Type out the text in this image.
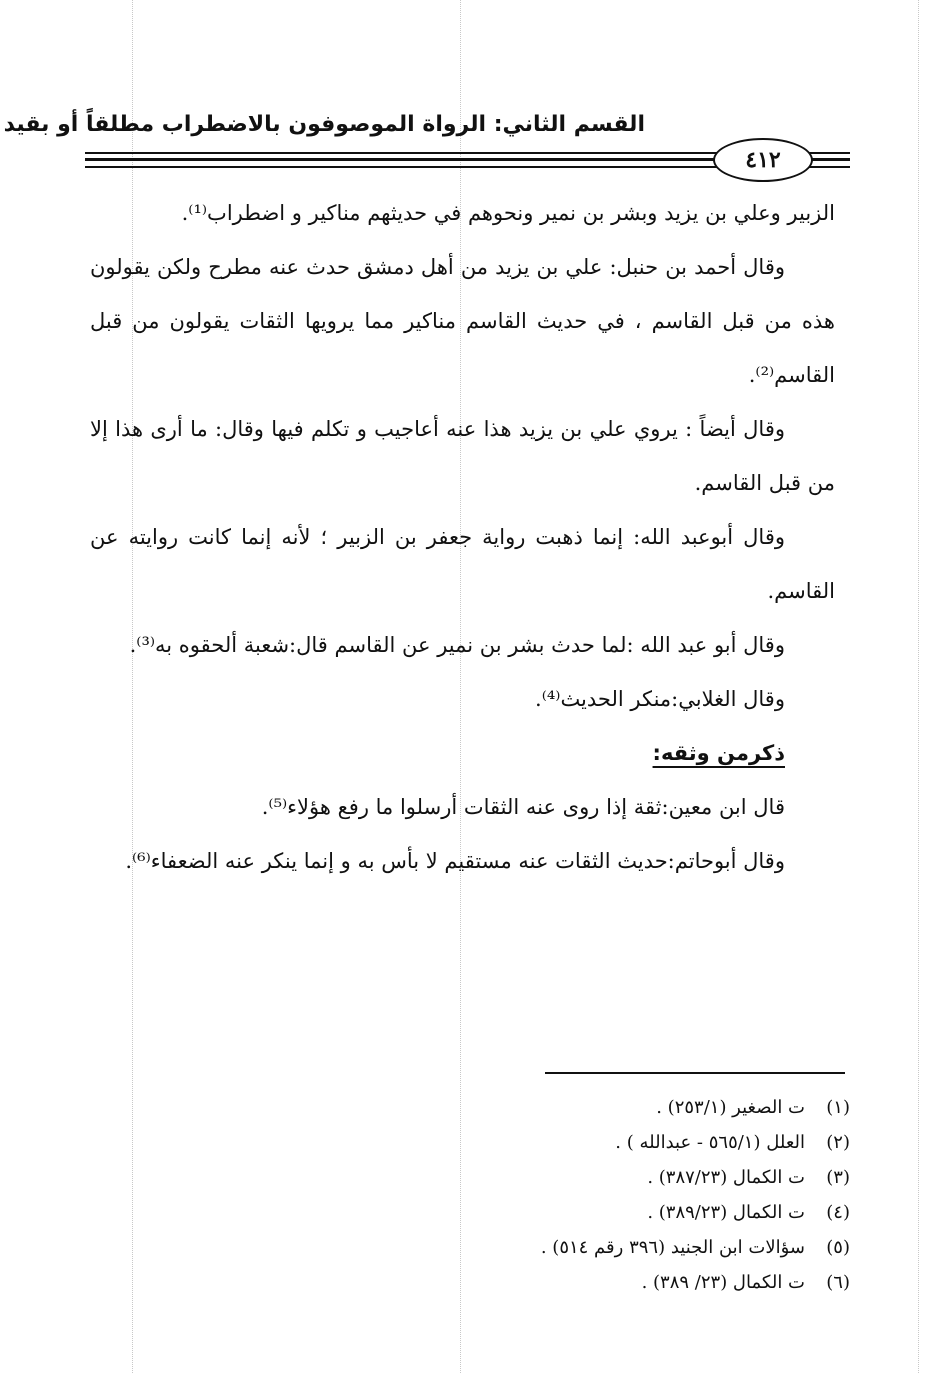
القسم الثاني: الرواة الموصوفون بالاضطراب مطلقاً أو بقيد
٤١٢

الزبير وعلي بن يزيد وبشر بن نمير ونحوهم في حديثهم مناكير و اضطراب⁽¹⁾.

وقال أحمد بن حنبل: علي بن يزيد من أهل دمشق حدث عنه مطرح ولكن يقولون هذه من قبل القاسم ، في حديث القاسم مناكير مما يرويها الثقات يقولون من قبل القاسم⁽²⁾.

وقال أيضاً : يروي علي بن يزيد هذا عنه أعاجيب و تكلم فيها وقال: ما أرى هذا إلا من قبل القاسم.

وقال أبوعبد الله: إنما ذهبت رواية جعفر بن الزبير ؛ لأنه إنما كانت روايته عن القاسم.

وقال أبو عبد الله :لما حدث بشر بن نمير عن القاسم قال:شعبة ألحقوه به⁽³⁾.

وقال الغلابي:منكر الحديث⁽⁴⁾.

ذكرمن وثقه:

قال ابن معين:ثقة إذا روى عنه الثقات أرسلوا ما رفع هؤلاء⁽⁵⁾.

وقال أبوحاتم:حديث الثقات عنه مستقيم لا بأس به و إنما ينكر عنه الضعفاء⁽⁶⁾.

(١)
ت الصغير (٢٥٣/١) .
(٢)
العلل (٥٦٥/١ - عبدالله ) .
(٣)
ت الكمال (٣٨٧/٢٣) .
(٤)
ت الكمال (٣٨٩/٢٣) .
(٥)
سؤالات ابن الجنيد (٣٩٦ رقم ٥١٤) .
(٦)
ت الكمال (٢٣/ ٣٨٩) .
